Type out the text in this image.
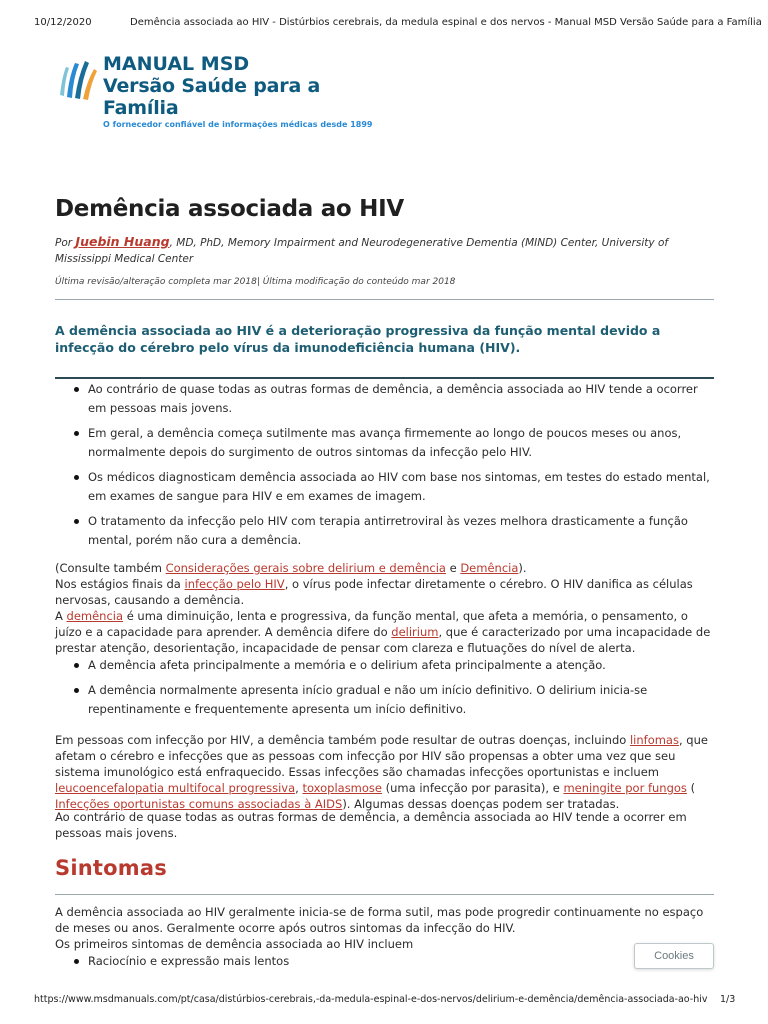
10/12/2020	Demência associada ao HIV - Distúrbios cerebrais, da medula espinal e dos nervos - Manual MSD Versão Saúde para a Família
MANUAL MSD
Versão Saúde para a Família
O fornecedor confiável de informações médicas desde 1899
Demência associada ao HIV
Por Juebin Huang, MD, PhD, Memory Impairment and Neurodegenerative Dementia (MIND) Center, University of Mississippi Medical Center
Última revisão/alteração completa mar 2018| Última modificação do conteúdo mar 2018
A demência associada ao HIV é a deterioração progressiva da função mental devido a infecção do cérebro pelo vírus da imunodeficiência humana (HIV).
Ao contrário de quase todas as outras formas de demência, a demência associada ao HIV tende a ocorrer em pessoas mais jovens.
Em geral, a demência começa sutilmente mas avança firmemente ao longo de poucos meses ou anos, normalmente depois do surgimento de outros sintomas da infecção pelo HIV.
Os médicos diagnosticam demência associada ao HIV com base nos sintomas, em testes do estado mental, em exames de sangue para HIV e em exames de imagem.
O tratamento da infecção pelo HIV com terapia antirretroviral às vezes melhora drasticamente a função mental, porém não cura a demência.
(Consulte também Considerações gerais sobre delirium e demência e Demência).
Nos estágios finais da infecção pelo HIV, o vírus pode infectar diretamente o cérebro. O HIV danifica as células nervosas, causando a demência.
A demência é uma diminuição, lenta e progressiva, da função mental, que afeta a memória, o pensamento, o juízo e a capacidade para aprender. A demência difere do delirium, que é caracterizado por uma incapacidade de prestar atenção, desorientação, incapacidade de pensar com clareza e flutuações do nível de alerta.
A demência afeta principalmente a memória e o delirium afeta principalmente a atenção.
A demência normalmente apresenta início gradual e não um início definitivo. O delirium inicia-se repentinamente e frequentemente apresenta um início definitivo.
Em pessoas com infecção por HIV, a demência também pode resultar de outras doenças, incluindo linfomas, que afetam o cérebro e infecções que as pessoas com infecção por HIV são propensas a obter uma vez que seu sistema imunológico está enfraquecido. Essas infecções são chamadas infecções oportunistas e incluem leucoencefalopatia multifocal progressiva, toxoplasmose (uma infecção por parasita), e meningite por fungos ( Infecções oportunistas comuns associadas à AIDS). Algumas dessas doenças podem ser tratadas.
Ao contrário de quase todas as outras formas de demência, a demência associada ao HIV tende a ocorrer em pessoas mais jovens.
Sintomas
A demência associada ao HIV geralmente inicia-se de forma sutil, mas pode progredir continuamente no espaço de meses ou anos. Geralmente ocorre após outros sintomas da infecção do HIV.
Os primeiros sintomas de demência associada ao HIV incluem
Raciocínio e expressão mais lentos	Cookies
https://www.msdmanuals.com/pt/casa/distúrbios-cerebrais,-da-medula-espinal-e-dos-nervos/delirium-e-demência/demência-associada-ao-hiv 1/3
